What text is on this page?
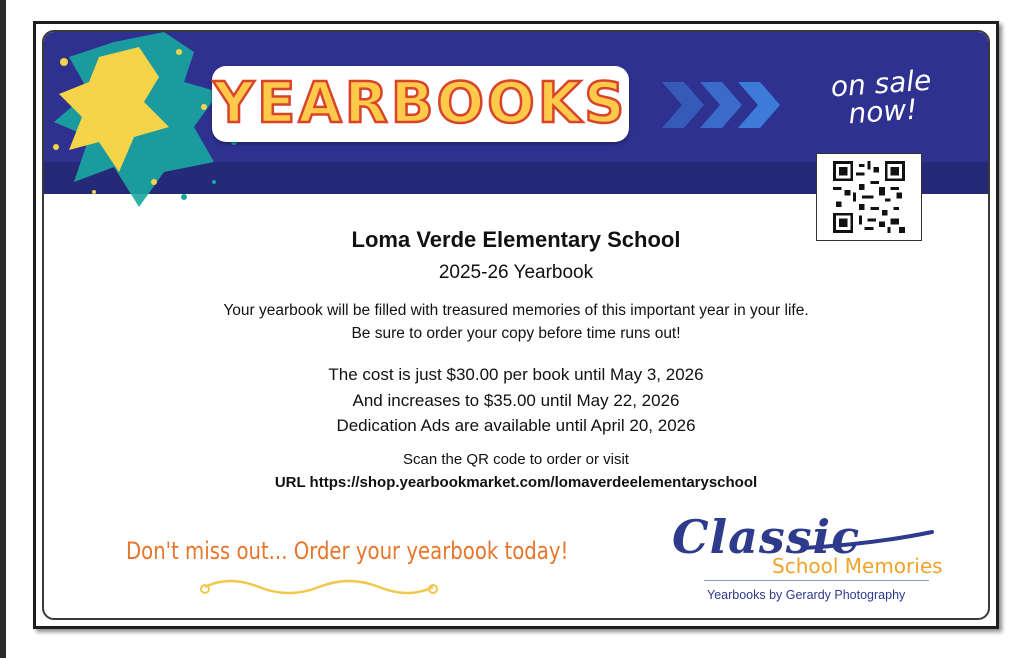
YEARBOOKS	on sale
now!
Loma Verde Elementary School
2025-26 Yearbook
Your yearbook will be filled with treasured memories of this important year in your life.
Be sure to order your copy before time runs out!
The cost is just $30.00 per book until May 3, 2026
And increases to $35.00 until May 22, 2026
Dedication Ads are available until April 20, 2026
Scan the QR code to order or visit
URL https://shop.yearbookmarket.com/lomaverdeelementaryschool
Don't miss out... Order your yearbook today! Classic
School Memories
Yearbooks by Gerardy Photography
